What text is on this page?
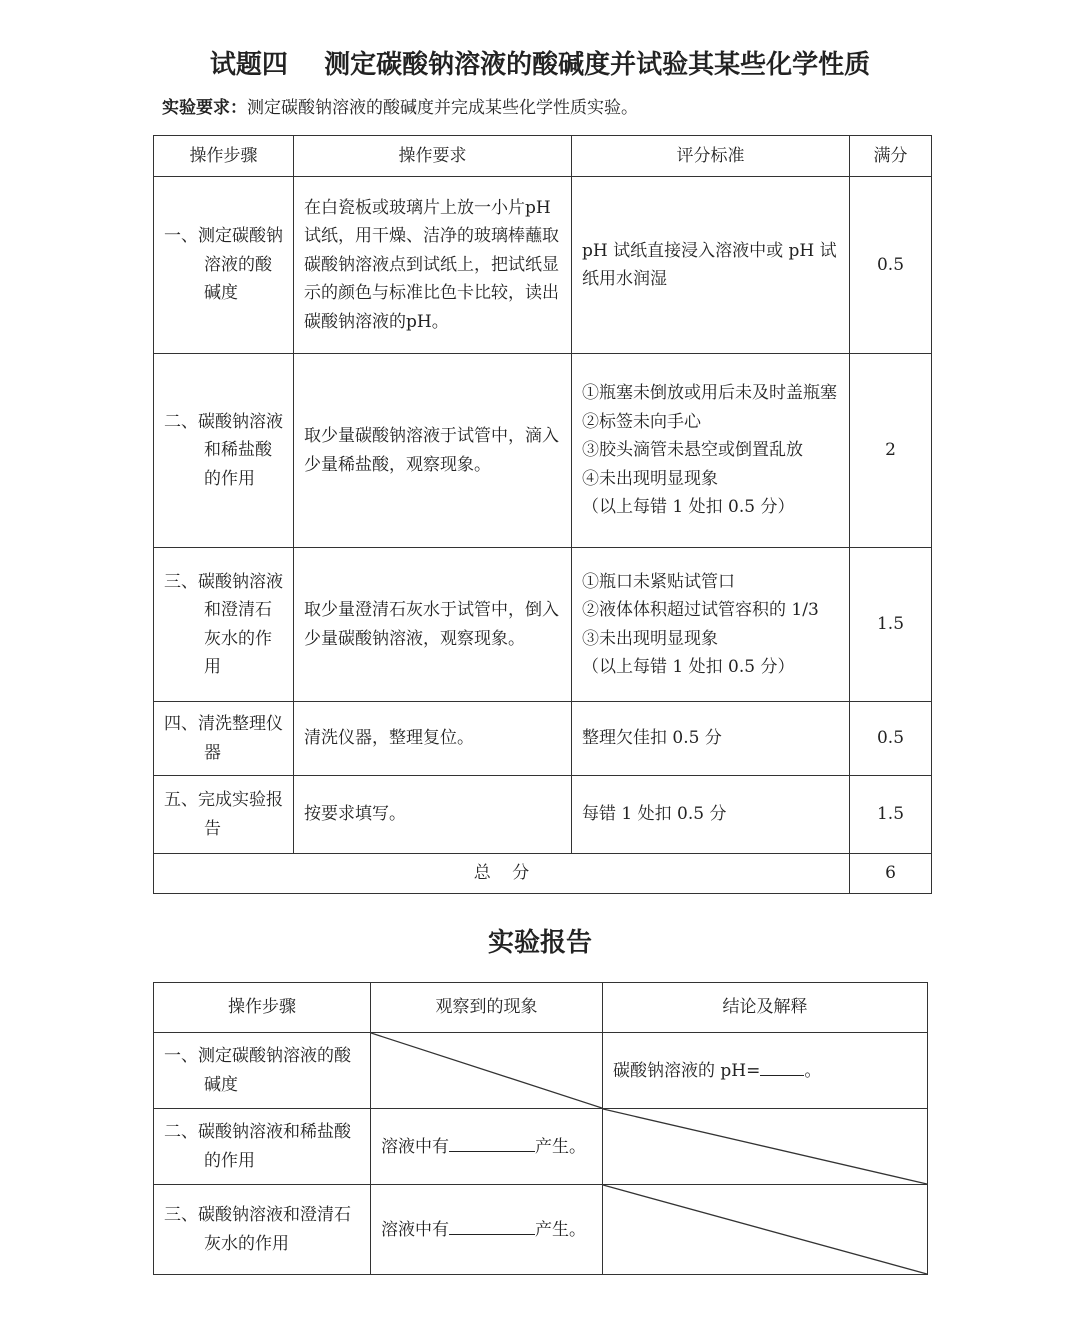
试题四    测定碳酸钠溶液的酸碱度并试验其某些化学性质
实验要求：测定碳酸钠溶液的酸碱度并完成某些化学性质实验。
操作步骤	操作要求	评分标准	满分

一、测定碳酸钠溶液的酸碱度	在白瓷板或玻璃片上放一小片pH试纸，用干燥、洁净的玻璃棒蘸取碳酸钠溶液点到试纸上，把试纸显示的颜色与标准比色卡比较，读出碳酸钠溶液的pH。	pH 试纸直接浸入溶液中或 pH 试纸用水润湿	0.5

二、碳酸钠溶液和稀盐酸的作用	取少量碳酸钠溶液于试管中，滴入少量稀盐酸，观察现象。	①瓶塞未倒放或用后未及时盖瓶塞
②标签未向手心
③胶头滴管未悬空或倒置乱放
④未出现明显现象
（以上每错 1 处扣 0.5 分）	2

三、碳酸钠溶液和澄清石灰水的作用	取少量澄清石灰水于试管中，倒入少量碳酸钠溶液，观察现象。	①瓶口未紧贴试管口
②液体体积超过试管容积的 1/3
③未出现明显现象
（以上每错 1 处扣 0.5 分）	1.5

四、清洗整理仪器	清洗仪器，整理复位。	整理欠佳扣 0.5 分	0.5

五、完成实验报告	按要求填写。	每错 1 处扣 0.5 分	1.5
总    分			6
实验报告
操作步骤	观察到的现象	结论及解释

一、测定碳酸钠溶液的酸碱度		碳酸钠溶液的 pH= 。

二、碳酸钠溶液和稀盐酸的作用	溶液中有 产生。	

三、碳酸钠溶液和澄清石灰水的作用	溶液中有 产生。	
